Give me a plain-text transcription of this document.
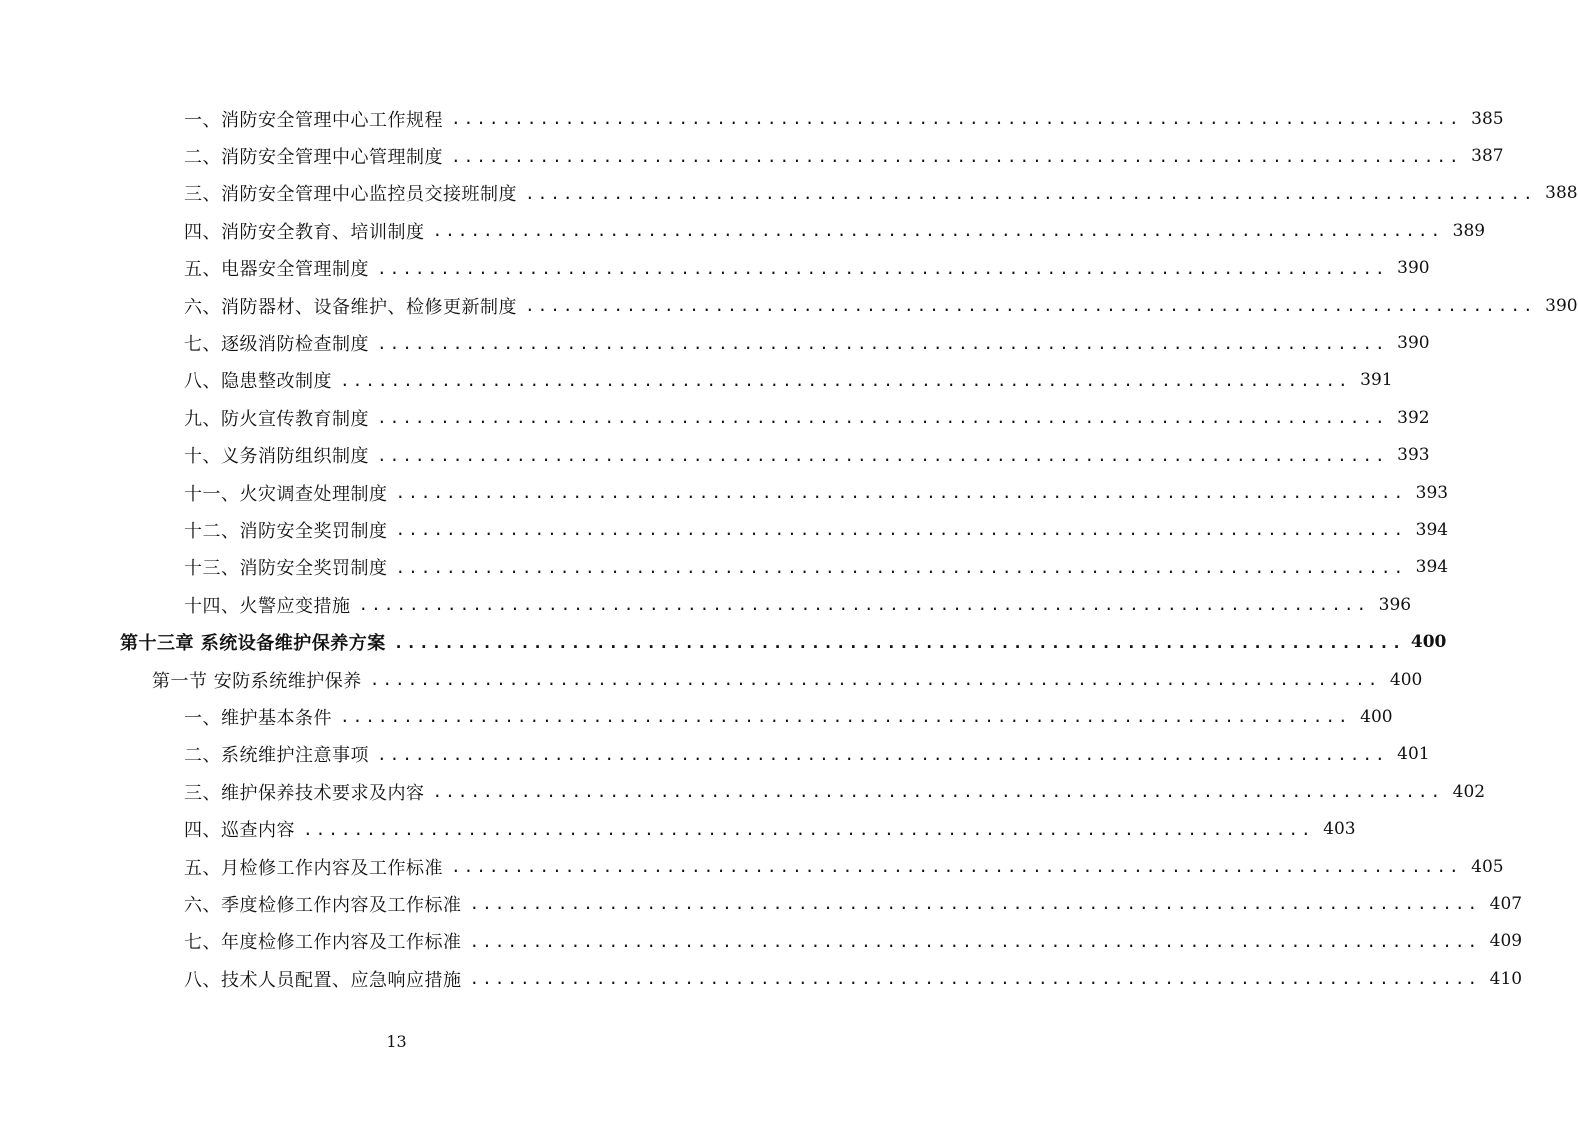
一、消防安全管理中心工作规程 ................................................................................ 385
二、消防安全管理中心管理制度 ................................................................................ 387
三、消防安全管理中心监控员交接班制度 ................................................................................ 388
四、消防安全教育、培训制度 ................................................................................ 389
五、电器安全管理制度 ................................................................................ 390
六、消防器材、设备维护、检修更新制度 ................................................................................ 390
七、逐级消防检查制度 ................................................................................ 390
八、隐患整改制度 ................................................................................ 391
九、防火宣传教育制度 ................................................................................ 392
十、义务消防组织制度 ................................................................................ 393
十一、火灾调查处理制度 ................................................................................ 393
十二、消防安全奖罚制度 ................................................................................ 394
十三、消防安全奖罚制度 ................................................................................ 394
十四、火警应变措施 ................................................................................ 396
第十三章 系统设备维护保养方案 ................................................................................ 400
第一节 安防系统维护保养 ................................................................................ 400
一、维护基本条件 ................................................................................ 400
二、系统维护注意事项 ................................................................................ 401
三、维护保养技术要求及内容 ................................................................................ 402
四、巡查内容 ................................................................................ 403
五、月检修工作内容及工作标准 ................................................................................ 405
六、季度检修工作内容及工作标准 ................................................................................ 407
七、年度检修工作内容及工作标准 ................................................................................ 409
八、技术人员配置、应急响应措施 ................................................................................ 410
13
